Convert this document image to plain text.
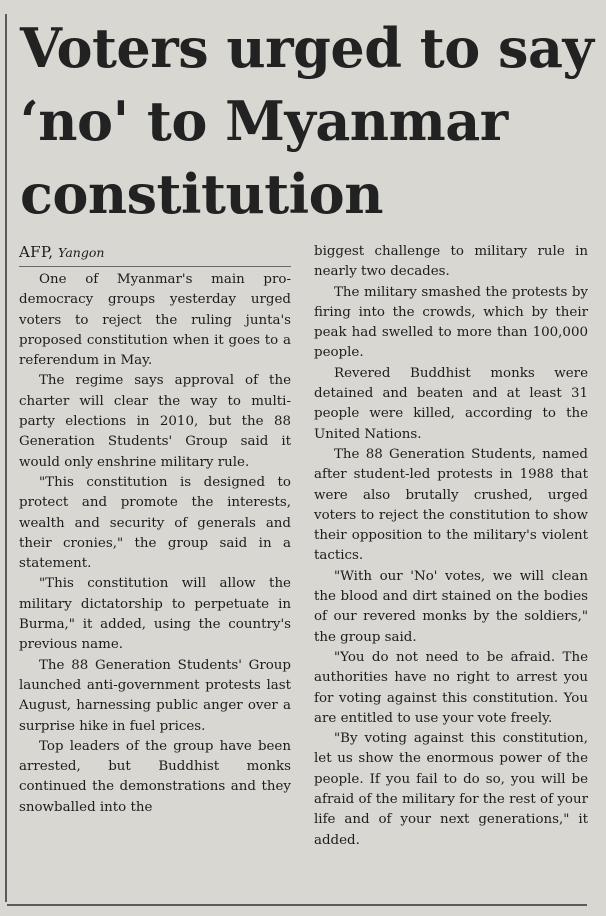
Voters urged to say ‘no' to Myanmar constitution
AFP, Yangon

One of Myanmar's main pro-democracy groups yesterday urged voters to reject the ruling junta's proposed constitution when it goes to a referendum in May.

The regime says approval of the charter will clear the way to multi-party elections in 2010, but the 88 Generation Students' Group said it would only enshrine military rule.

"This constitution is designed to protect and promote the interests, wealth and security of generals and their cronies," the group said in a statement.

"This constitution will allow the military dictatorship to perpetuate in Burma," it added, using the country's previous name.

The 88 Generation Students' Group launched anti-government protests last August, harnessing public anger over a surprise hike in fuel prices.

Top leaders of the group have been arrested, but Buddhist monks continued the demonstrations and they snowballed into the

biggest challenge to military rule in nearly two decades.

The military smashed the protests by firing into the crowds, which by their peak had swelled to more than 100,000 people.

Revered Buddhist monks were detained and beaten and at least 31 people were killed, according to the United Nations.

The 88 Generation Students, named after student-led protests in 1988 that were also brutally crushed, urged voters to reject the constitution to show their opposition to the military's violent tactics.

"With our 'No' votes, we will clean the blood and dirt stained on the bodies of our revered monks by the soldiers," the group said.

"You do not need to be afraid. The authorities have no right to arrest you for voting against this constitution. You are entitled to use your vote freely.

"By voting against this constitution, let us show the enormous power of the people. If you fail to do so, you will be afraid of the military for the rest of your life and of your next generations," it added.
